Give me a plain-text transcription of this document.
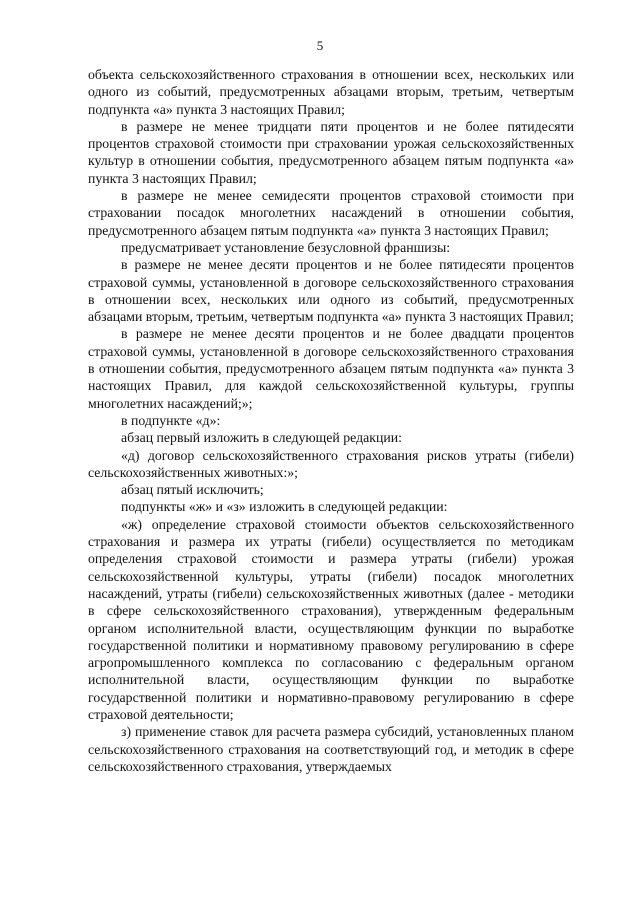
5

объекта сельскохозяйственного страхования в отношении всех, нескольких или одного из событий, предусмотренных абзацами вторым, третьим, четвертым подпункта «а» пункта 3 настоящих Правил;

в размере не менее тридцати пяти процентов и не более пятидесяти процентов страховой стоимости при страховании урожая сельскохозяйственных культур в отношении события, предусмотренного абзацем пятым подпункта «а» пункта 3 настоящих Правил;

в размере не менее семидесяти процентов страховой стоимости при страховании посадок многолетних насаждений в отношении события, предусмотренного абзацем пятым подпункта «а» пункта 3 настоящих Правил;

предусматривает установление безусловной франшизы:

в размере не менее десяти процентов и не более пятидесяти процентов страховой суммы, установленной в договоре сельскохозяйственного страхования в отношении всех, нескольких или одного из событий, предусмотренных абзацами вторым, третьим, четвертым подпункта «а» пункта 3 настоящих Правил;

в размере не менее десяти процентов и не более двадцати процентов страховой суммы, установленной в договоре сельскохозяйственного страхования в отношении события, предусмотренного абзацем пятым подпункта «а» пункта 3 настоящих Правил, для каждой сельскохозяйственной культуры, группы многолетних насаждений;»;

в подпункте «д»:

абзац первый изложить в следующей редакции:

«д) договор сельскохозяйственного страхования рисков утраты (гибели) сельскохозяйственных животных:»;

абзац пятый исключить;

подпункты «ж» и «з» изложить в следующей редакции:

«ж) определение страховой стоимости объектов сельскохозяйственного страхования и размера их утраты (гибели) осуществляется по методикам определения страховой стоимости и размера утраты (гибели) урожая сельскохозяйственной культуры, утраты (гибели) посадок многолетних насаждений, утраты (гибели) сельскохозяйственных животных (далее - методики в сфере сельскохозяйственного страхования), утвержденным федеральным органом исполнительной власти, осуществляющим функции по выработке государственной политики и нормативному правовому регулированию в сфере агропромышленного комплекса по согласованию с федеральным органом исполнительной власти, осуществляющим функции по выработке государственной политики и нормативно-правовому регулированию в сфере страховой деятельности;

з) применение ставок для расчета размера субсидий, установленных планом сельскохозяйственного страхования на соответствующий год, и методик в сфере сельскохозяйственного страхования, утверждаемых
